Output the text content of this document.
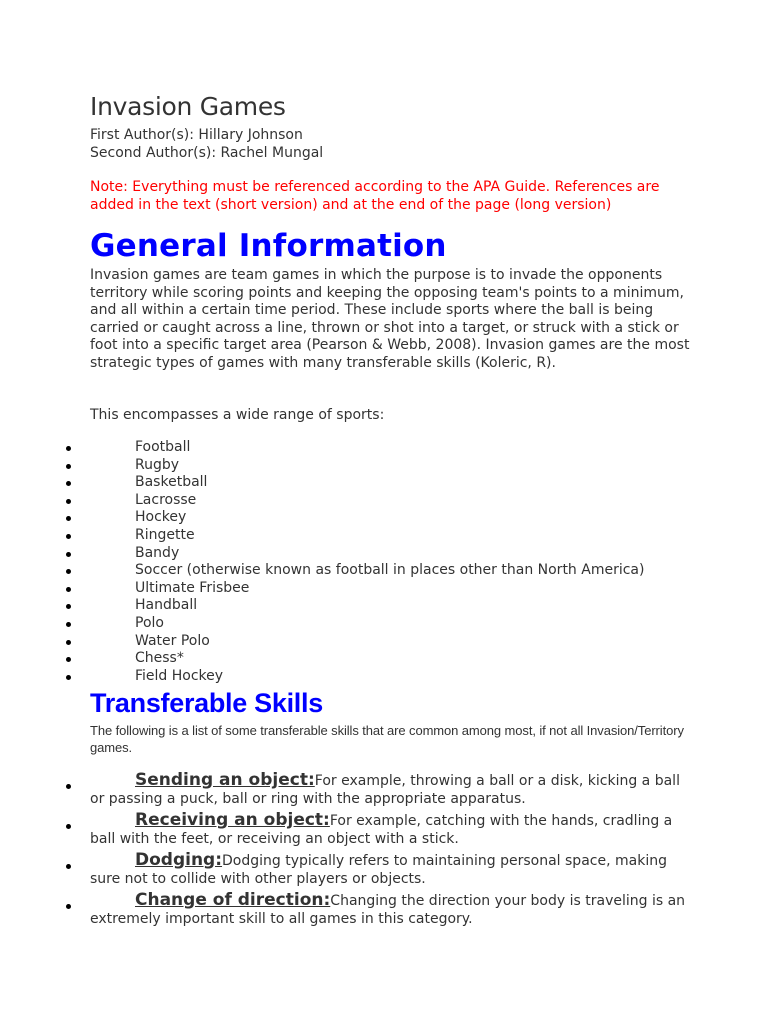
Invasion Games
First Author(s): Hillary Johnson
Second Author(s): Rachel Mungal

Note: Everything must be referenced according to the APA Guide. References are added in the text (short version) and at the end of the page (long version)

General Information

Invasion games are team games in which the purpose is to invade the opponents territory while scoring points and keeping the opposing team's points to a minimum, and all within a certain time period. These include sports where the ball is being carried or caught across a line, thrown or shot into a target, or struck with a stick or foot into a specific target area (Pearson & Webb, 2008). Invasion games are the most strategic types of games with many transferable skills (Koleric, R).

This encompasses a wide range of sports:

Football
Rugby
Basketball
Lacrosse
Hockey
Ringette
Bandy
Soccer (otherwise known as football in places other than North America)
Ultimate Frisbee
Handball
Polo
Water Polo
Chess*
Field Hockey
Transferable Skills

The following is a list of some transferable skills that are common among most, if not all Invasion/Territory games.

Sending an object:For example, throwing a ball or a disk, kicking a ball or passing a puck, ball or ring with the appropriate apparatus.
Receiving an object:For example, catching with the hands, cradling a ball with the feet, or receiving an object with a stick.
Dodging:Dodging typically refers to maintaining personal space, making sure not to collide with other players or objects.
Change of direction:Changing the direction your body is traveling is an extremely important skill to all games in this category.
